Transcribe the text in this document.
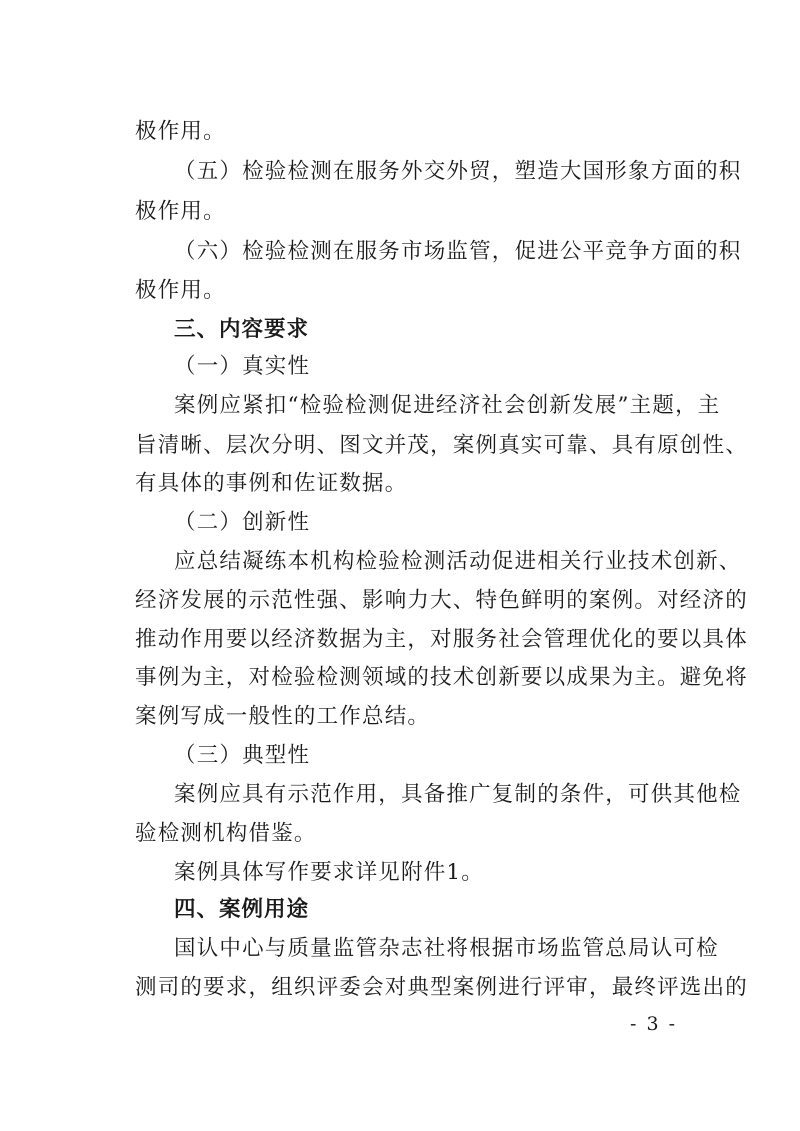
极作用。
（五）检验检测在服务外交外贸，塑造大国形象方面的积
极作用。
（六）检验检测在服务市场监管，促进公平竞争方面的积
极作用。
三、内容要求
（一）真实性
案例应紧扣“检验检测促进经济社会创新发展”主题，主
旨清晰、层次分明、图文并茂，案例真实可靠、具有原创性、
有具体的事例和佐证数据。
（二）创新性
应总结凝练本机构检验检测活动促进相关行业技术创新、
经济发展的示范性强、影响力大、特色鲜明的案例。对经济的
推动作用要以经济数据为主，对服务社会管理优化的要以具体
事例为主，对检验检测领域的技术创新要以成果为主。避免将
案例写成一般性的工作总结。
（三）典型性
案例应具有示范作用，具备推广复制的条件，可供其他检
验检测机构借鉴。
案例具体写作要求详见附件1。
四、案例用途
国认中心与质量监管杂志社将根据市场监管总局认可检
测司的要求，组织评委会对典型案例进行评审，最终评选出的
- 3 -
